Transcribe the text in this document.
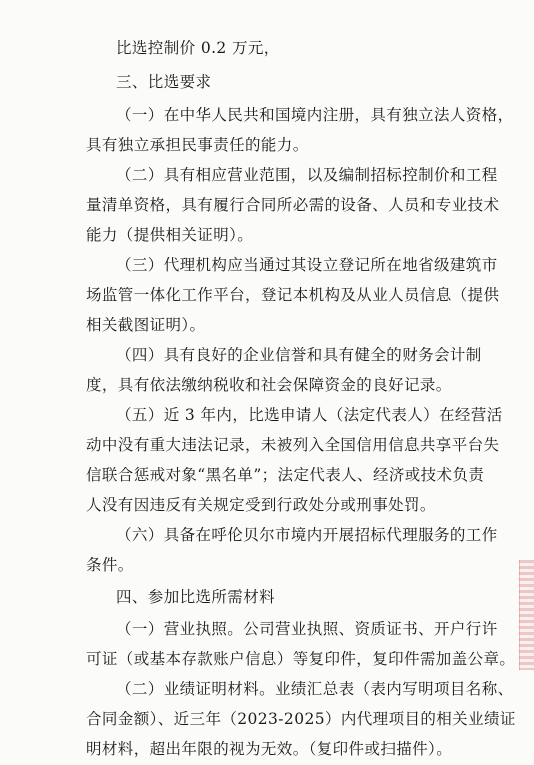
比选控制价 0.2 万元，
三、比选要求
（一）在中华人民共和国境内注册，具有独立法人资格，
具有独立承担民事责任的能力。
（二）具有相应营业范围，以及编制招标控制价和工程
量清单资格，具有履行合同所必需的设备、人员和专业技术
能力（提供相关证明）。
（三）代理机构应当通过其设立登记所在地省级建筑市
场监管一体化工作平台，登记本机构及从业人员信息（提供
相关截图证明）。
（四）具有良好的企业信誉和具有健全的财务会计制
度，具有依法缴纳税收和社会保障资金的良好记录。
（五）近 3 年内，比选申请人（法定代表人）在经营活
动中没有重大违法记录，未被列入全国信用信息共享平台失
信联合惩戒对象“黑名单”；法定代表人、经济或技术负责
人没有因违反有关规定受到行政处分或刑事处罚。
（六）具备在呼伦贝尔市境内开展招标代理服务的工作
条件。
四、参加比选所需材料
（一）营业执照。公司营业执照、资质证书、开户行许
可证（或基本存款账户信息）等复印件，复印件需加盖公章。
（二）业绩证明材料。业绩汇总表（表内写明项目名称、
合同金额）、近三年（2023-2025）内代理项目的相关业绩证
明材料，超出年限的视为无效。（复印件或扫描件）。
